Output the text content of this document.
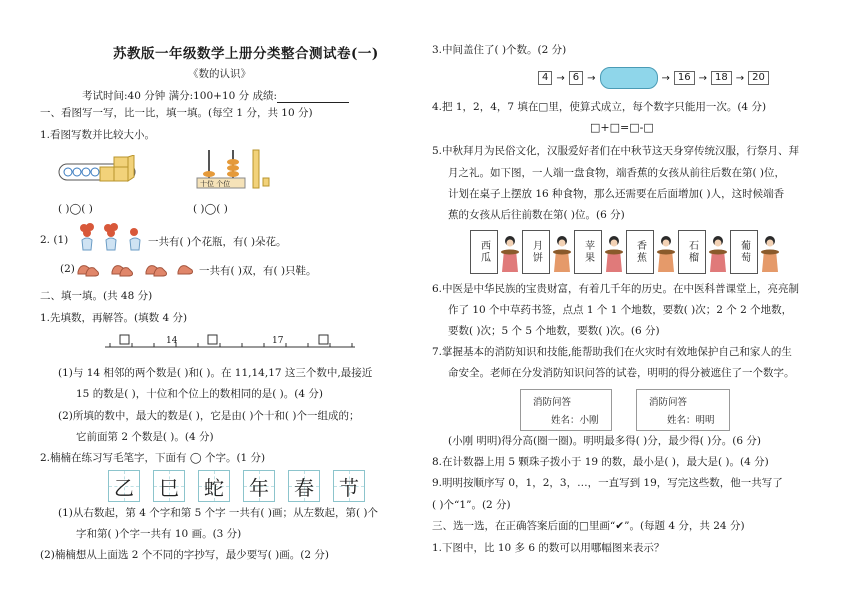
苏教版一年级数学上册分类整合测试卷(一)
《数的认识》
考试时间:40 分钟 满分:100+10 分 成绩:
一、看图写一写，比一比，填一填。(每空 1 分，共 10 分)
1.看图写数并比较大小。
十位 个位
( )◯( )	( )◯( )
2. (1)	一共有( )个花瓶，有( )朵花。
(2)	一共有( )双，有( )只鞋。
二、填一填。(共 48 分)
1.先填数，再解答。(填数 4 分)
14	17
(1)与 14 相邻的两个数是( )和( )。在 11,14,17 这三个数中,最接近
15 的数是( )，十位和个位上的数相同的是( )。(4 分)
(2)所填的数中，最大的数是( )，它是由( )个十和( )个一组成的；
它前面第 2 个数是( )。(4 分)
2.楠楠在练习写毛笔字，下面有 ◯ 个字。(1 分)
乙 巳 蛇 年 春 节
(1)从右数起，第 4 个字和第 5 个字 一共有( )画；从左数起，第( )个
字和第( )个字一共有 10 画。(3 分)
(2)楠楠想从上面选 2 个不同的字抄写，最少要写( )画。(2 分)
3.中间盖住了( )个数。(2 分)
4 → 6 →	→ 16 → 18 → 20
4.把 1，2，4，7 填在□里，使算式成立，每个数字只能用一次。(4 分)
□+□=□-□
5.中秋拜月为民俗文化，汉服爱好者们在中秋节这天身穿传统汉服，行祭月、拜
月之礼。如下图，一人端一盘食物，端香蕉的女孩从前往后数在第( )位，
计划在桌子上摆放 16 种食物，那么还需要在后面增加( )人，这时候端香
蕉的女孩从后往前数在第( )位。(6 分)
西瓜	月饼	苹果	香蕉	石榴	葡萄
6.中医是中华民族的宝贵财富，有着几千年的历史。在中医科普课堂上，亮亮制
作了 10 个中草药书签，点点 1 个 1 个地数，要数( )次；2 个 2 个地数，
要数( )次；5 个 5 个地数，要数( )次。(6 分)
7.掌握基本的消防知识和技能,能帮助我们在火灾时有效地保护自己和家人的生
命安全。老师在分发消防知识问答的试卷，明明的得分被遮住了一个数字。
消防问答
姓名：小刚
消防问答
姓名：明明
(小刚 明明)得分高(圈一圈)。明明最多得( )分，最少得( )分。(6 分)
8.在计数器上用 5 颗珠子拨小于 19 的数，最小是( )，最大是( )。(4 分)
9.明明按顺序写 0，1，2，3，…，一直写到 19，写完这些数，他一共写了
( )个“1”。(2 分)
三、选一选，在正确答案后面的□里画“✔”。(每题 4 分，共 24 分)
1.下图中，比 10 多 6 的数可以用哪幅图来表示？
